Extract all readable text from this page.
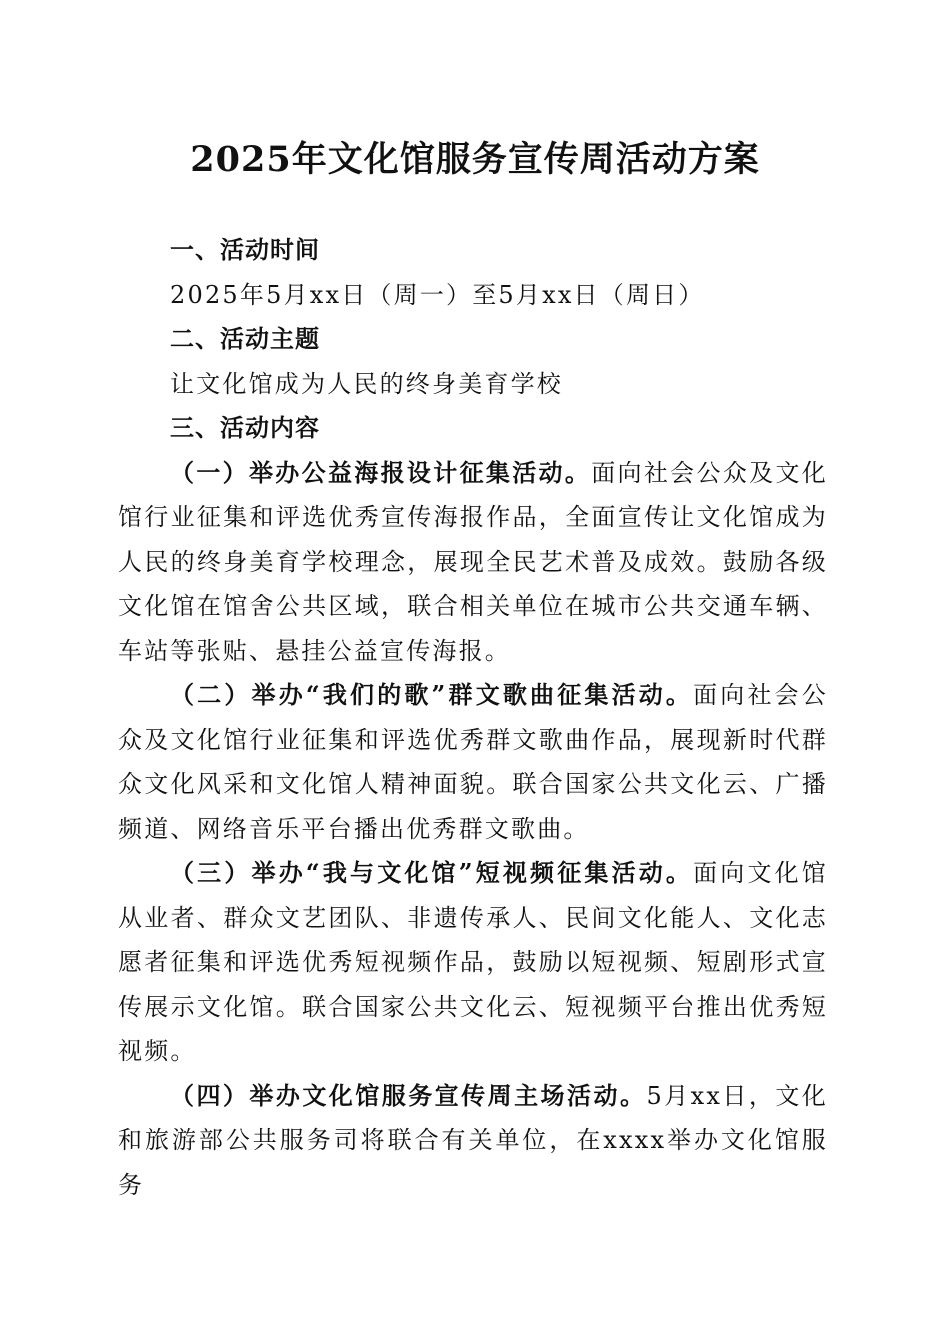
2025年文化馆服务宣传周活动方案

一、活动时间

2025年5月xx日（周一）至5月xx日（周日）

二、活动主题

让文化馆成为人民的终身美育学校

三、活动内容

（一）举办公益海报设计征集活动。面向社会公众及文化馆行业征集和评选优秀宣传海报作品，全面宣传让文化馆成为人民的终身美育学校理念，展现全民艺术普及成效。鼓励各级文化馆在馆舍公共区域，联合相关单位在城市公共交通车辆、车站等张贴、悬挂公益宣传海报。

（二）举办“我们的歌”群文歌曲征集活动。面向社会公众及文化馆行业征集和评选优秀群文歌曲作品，展现新时代群众文化风采和文化馆人精神面貌。联合国家公共文化云、广播频道、网络音乐平台播出优秀群文歌曲。

（三）举办“我与文化馆”短视频征集活动。面向文化馆从业者、群众文艺团队、非遗传承人、民间文化能人、文化志愿者征集和评选优秀短视频作品，鼓励以短视频、短剧形式宣传展示文化馆。联合国家公共文化云、短视频平台推出优秀短视频。

（四）举办文化馆服务宣传周主场活动。5月xx日，文化和旅游部公共服务司将联合有关单位，在xxxx举办文化馆服务
